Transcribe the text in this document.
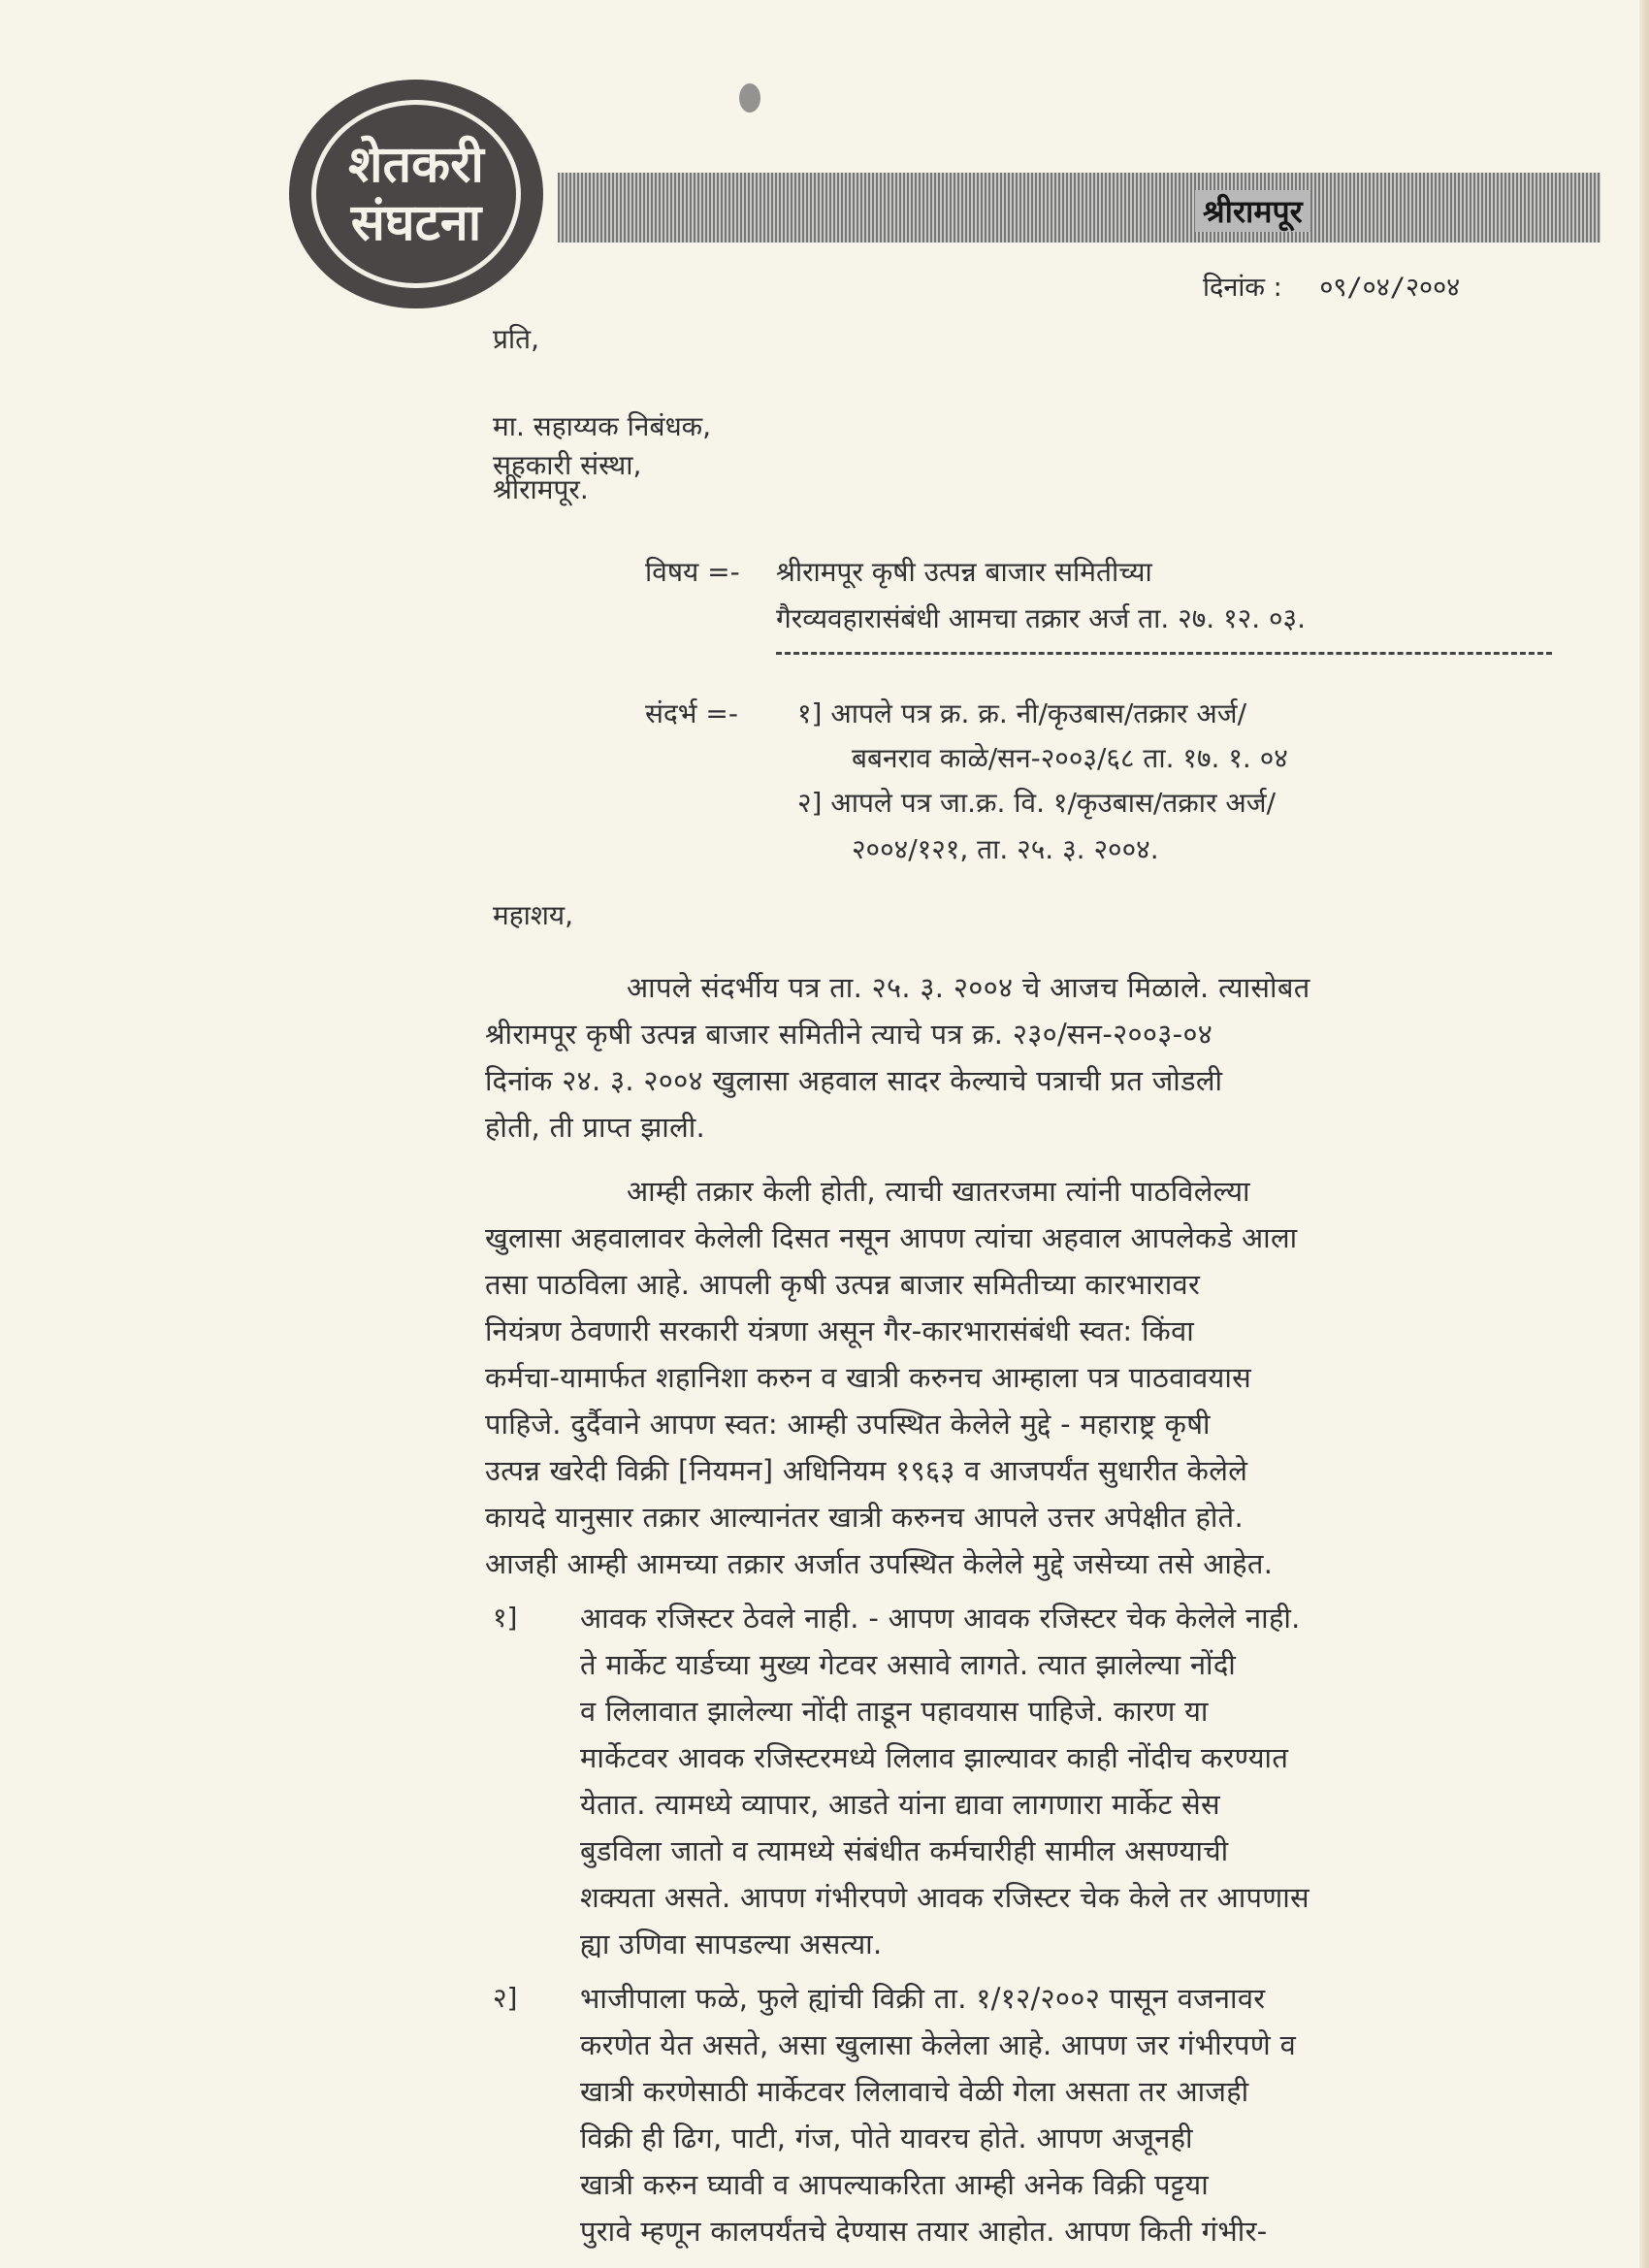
शेतकरी
संघटना	श्रीरामपूर
दिनांक : ०९/०४/२००४
प्रति,
मा. सहाय्यक निबंधक,
सहकारी संस्था,
श्रीरामपूर.
विषय =- श्रीरामपूर कृषी उत्पन्न बाजार समितीच्या
गैरव्यवहारासंबंधी आमचा तक्रार अर्ज ता. २७. १२. ०३.
संदर्भ =- १] आपले पत्र क्र. क्र. नी/कृउबास/तक्रार अर्ज/
बबनराव काळे/सन-२००३/६८ ता. १७. १. ०४
२] आपले पत्र जा.क्र. वि. १/कृउबास/तक्रार अर्ज/
२००४/१२१, ता. २५. ३. २००४.
महाशय,
आपले संदर्भीय पत्र ता. २५. ३. २००४ चे आजच मिळाले. त्यासोबत
श्रीरामपूर कृषी उत्पन्न बाजार समितीने त्याचे पत्र क्र. २३०/सन-२००३-०४
दिनांक २४. ३. २००४ खुलासा अहवाल सादर केल्याचे पत्राची प्रत जोडली
होती, ती प्राप्त झाली.
आम्ही तक्रार केली होती, त्याची खातरजमा त्यांनी पाठविलेल्या
खुलासा अहवालावर केलेली दिसत नसून आपण त्यांचा अहवाल आपलेकडे आला
तसा पाठविला आहे. आपली कृषी उत्पन्न बाजार समितीच्या कारभारावर
नियंत्रण ठेवणारी सरकारी यंत्रणा असून गैर-कारभारासंबंधी स्वत: किंवा
कर्मचा-यामार्फत शहानिशा करुन व खात्री करुनच आम्हाला पत्र पाठवावयास
पाहिजे. दुर्दैवाने आपण स्वत: आम्ही उपस्थित केलेले मुद्दे - महाराष्ट्र कृषी
उत्पन्न खरेदी विक्री [नियमन] अधिनियम १९६३ व आजपर्यंत सुधारीत केलेले
कायदे यानुसार तक्रार आल्यानंतर खात्री करुनच आपले उत्तर अपेक्षीत होते.
आजही आम्ही आमच्या तक्रार अर्जात उपस्थित केलेले मुद्दे जसेच्या तसे आहेत.
१] आवक रजिस्टर ठेवले नाही. - आपण आवक रजिस्टर चेक केलेले नाही.
ते मार्केट यार्डच्या मुख्य गेटवर असावे लागते. त्यात झालेल्या नोंदी
व लिलावात झालेल्या नोंदी ताडून पहावयास पाहिजे. कारण या
मार्केटवर आवक रजिस्टरमध्ये लिलाव झाल्यावर काही नोंदीच करण्यात
येतात. त्यामध्ये व्यापार, आडते यांना द्यावा लागणारा मार्केट सेस
बुडविला जातो व त्यामध्ये संबंधीत कर्मचारीही सामील असण्याची
शक्यता असते. आपण गंभीरपणे आवक रजिस्टर चेक केले तर आपणास
ह्या उणिवा सापडल्या असत्या.
२] भाजीपाला फळे, फुले ह्यांची विक्री ता. १/१२/२००२ पासून वजनावर
करणेत येत असते, असा खुलासा केलेला आहे. आपण जर गंभीरपणे व
खात्री करणेसाठी मार्केटवर लिलावाचे वेळी गेला असता तर आजही
विक्री ही ढिग, पाटी, गंज, पोते यावरच होते. आपण अजूनही
खात्री करुन घ्यावी व आपल्याकरिता आम्ही अनेक विक्री पट्टया
पुरावे म्हणून कालपर्यंतचे देण्यास तयार आहोत. आपण किती गंभीर-
